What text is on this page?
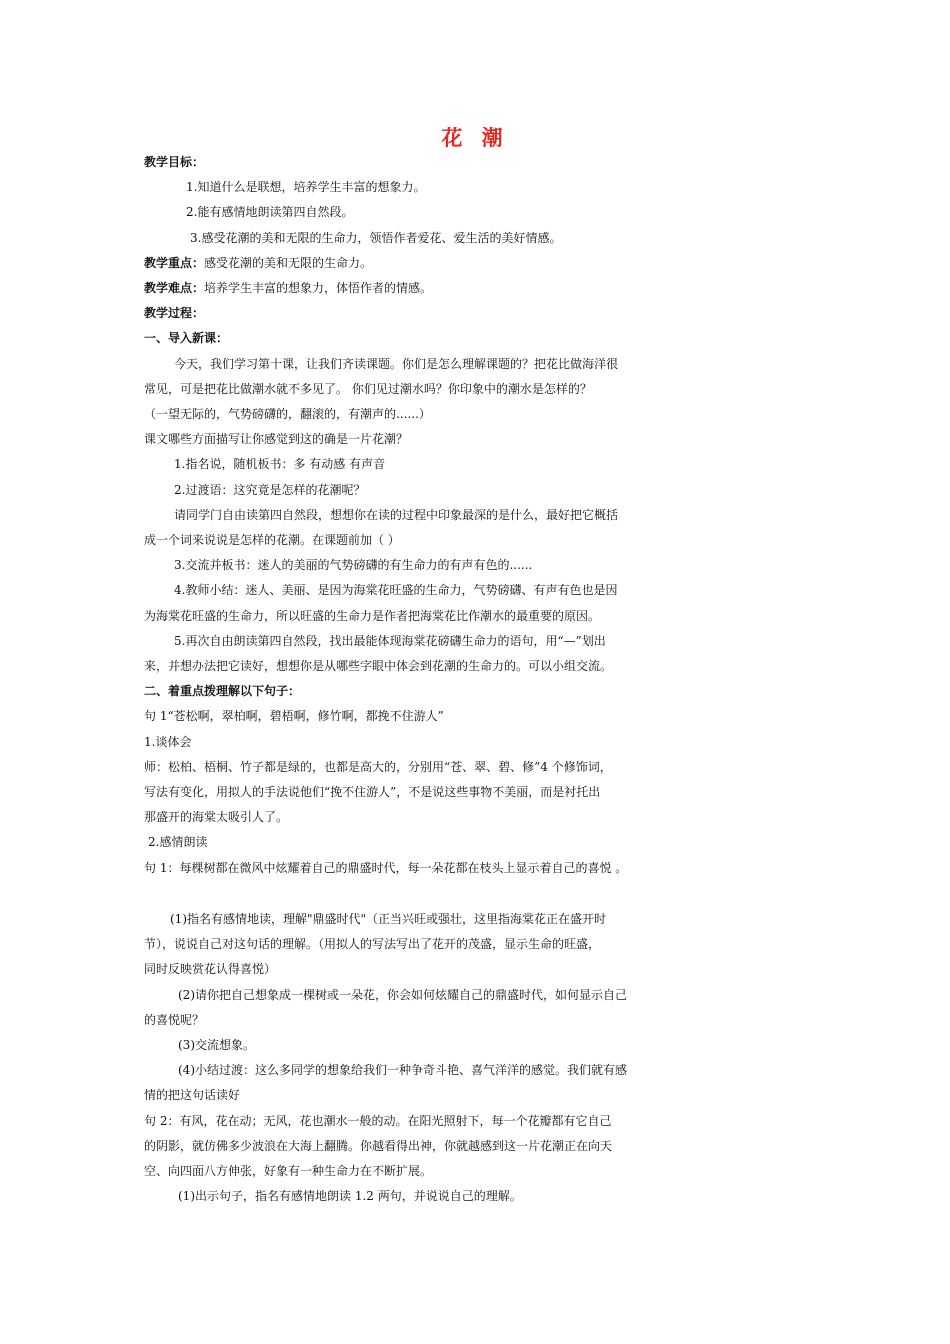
花 潮

教学目标：

1.知道什么是联想，培养学生丰富的想象力。

2.能有感情地朗读第四自然段。

3.感受花潮的美和无限的生命力，领悟作者爱花、爱生活的美好情感。

教学重点：感受花潮的美和无限的生命力。

教学难点：培养学生丰富的想象力，体悟作者的情感。

教学过程：

一、导入新课：

今天，我们学习第十课，让我们齐读课题。你们是怎么理解课题的？把花比做海洋很

常见，可是把花比做潮水就不多见了。 你们见过潮水吗？你印象中的潮水是怎样的？

（一望无际的，气势磅礴的，翻滚的，有潮声的......）

课文哪些方面描写让你感觉到这的确是一片花潮？

1.指名说，随机板书：多 有动感 有声音

2.过渡语：这究竟是怎样的花潮呢？

请同学门自由读第四自然段，想想你在读的过程中印象最深的是什么，最好把它概括

成一个词来说说是怎样的花潮。在课题前加（ ）

3.交流并板书：迷人的美丽的气势磅礴的有生命力的有声有色的......

4.教师小结：迷人、美丽、是因为海棠花旺盛的生命力，气势磅礴、有声有色也是因

为海棠花旺盛的生命力，所以旺盛的生命力是作者把海棠花比作潮水的最重要的原因。

5.再次自由朗读第四自然段，找出最能体现海棠花磅礴生命力的语句，用“—”划出

来，并想办法把它读好，想想你是从哪些字眼中体会到花潮的生命力的。可以小组交流。

二、着重点拨理解以下句子：

句 1“苍松啊，翠柏啊，碧梧啊，修竹啊，都挽不住游人”

1.谈体会

师：松柏、梧桐、竹子都是绿的，也都是高大的，分别用“苍、翠、碧、修”4 个修饰词，

写法有变化，用拟人的手法说他们“挽不住游人”，不是说这些事物不美丽，而是衬托出

那盛开的海棠太吸引人了。

2.感情朗读

句 1：每棵树都在微风中炫耀着自己的鼎盛时代，每一朵花都在枝头上显示着自己的喜悦 。

(1)指名有感情地读，理解"鼎盛时代"（正当兴旺或强壮，这里指海棠花正在盛开时

节），说说自己对这句话的理解。（用拟人的写法写出了花开的茂盛，显示生命的旺盛，

同时反映赏花认得喜悦）

(2)请你把自己想象成一棵树或一朵花，你会如何炫耀自己的鼎盛时代，如何显示自己

的喜悦呢？

(3)交流想象。

(4)小结过渡：这么多同学的想象给我们一种争奇斗艳、喜气洋洋的感觉。我们就有感

情的把这句话读好

句 2：有风，花在动；无风，花也潮水一般的动。在阳光照射下，每一个花瓣都有它自己

的阴影，就仿佛多少波浪在大海上翻腾。你越看得出神，你就越感到这一片花潮正在向天

空、向四面八方伸张，好象有一种生命力在不断扩展。

(1)出示句子，指名有感情地朗读 1.2 两句，并说说自己的理解。
